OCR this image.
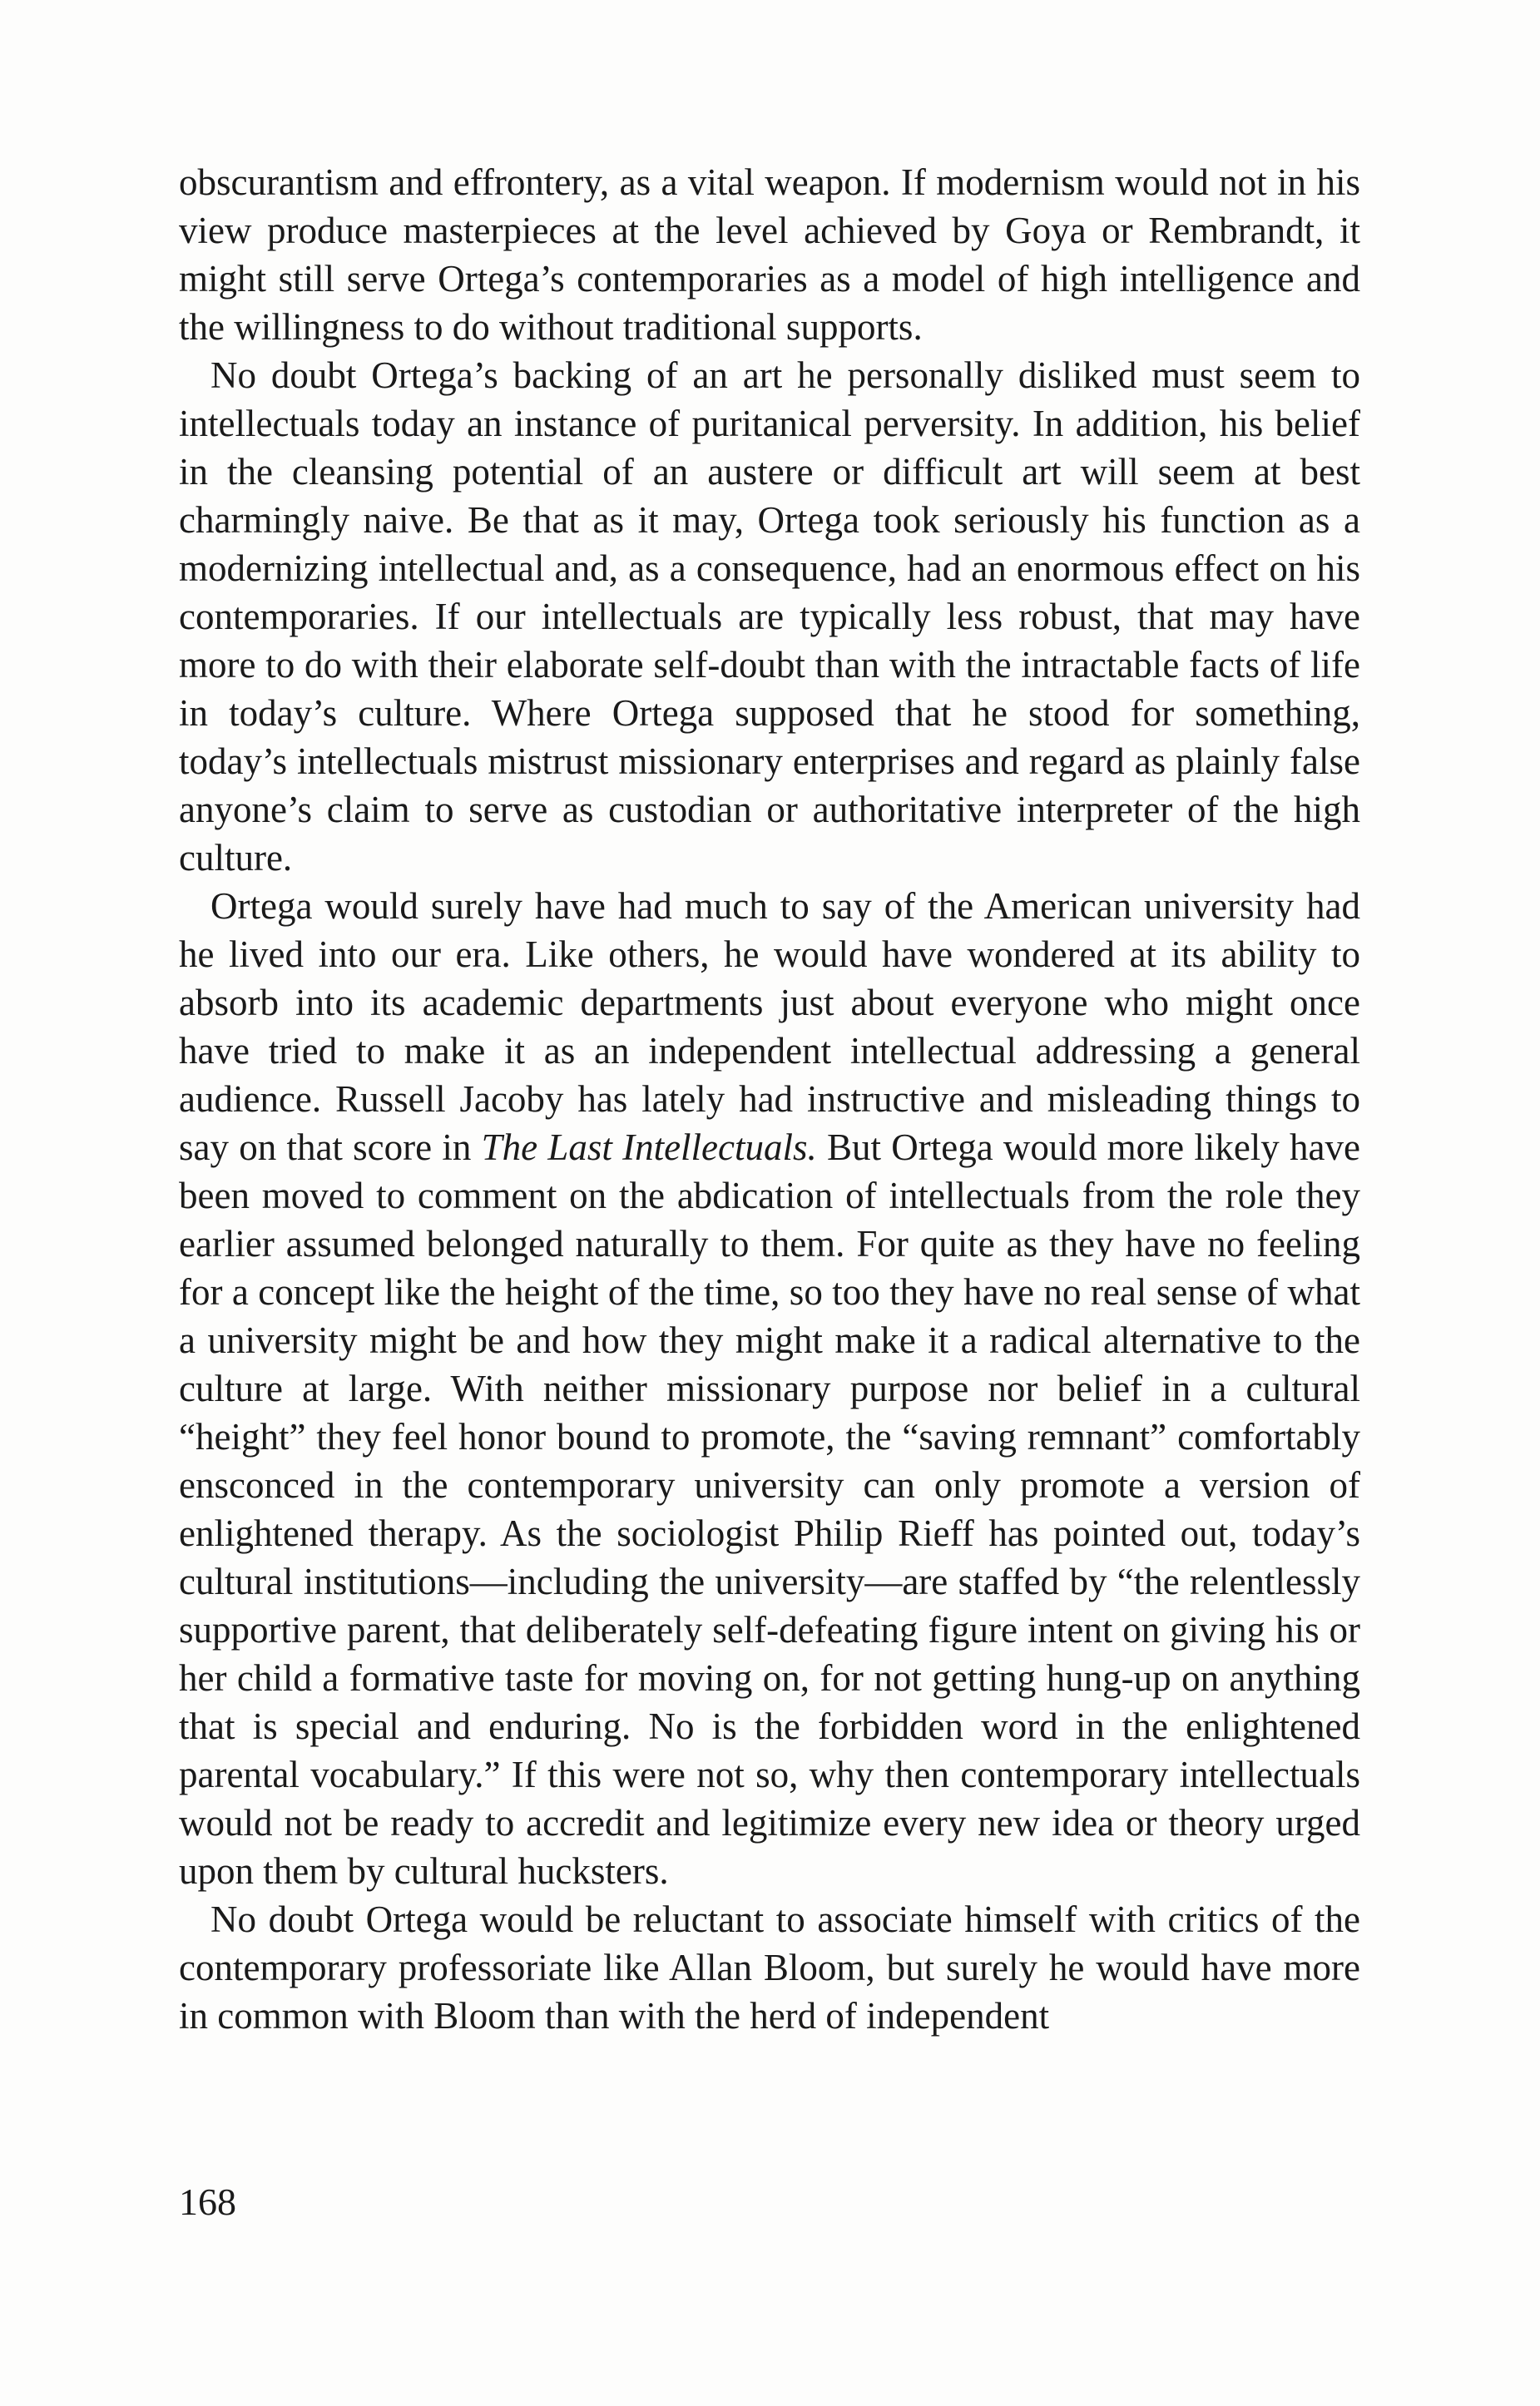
obscurantism and effrontery, as a vital weapon. If modernism would not in his view produce masterpieces at the level achieved by Goya or Rembrandt, it might still serve Ortega’s contemporaries as a model of high intelligence and the willingness to do without traditional supports.

No doubt Ortega’s backing of an art he personally disliked must seem to intellectuals today an instance of puritanical perversity. In addition, his belief in the cleansing potential of an austere or difficult art will seem at best charmingly naive. Be that as it may, Ortega took seriously his function as a modernizing intellectual and, as a consequence, had an enormous effect on his contemporaries. If our intellectuals are typically less robust, that may have more to do with their elaborate self-doubt than with the intractable facts of life in today’s culture. Where Ortega supposed that he stood for something, today’s intellectuals mistrust missionary enterprises and regard as plainly false anyone’s claim to serve as custodian or authoritative interpreter of the high culture.

Ortega would surely have had much to say of the American university had he lived into our era. Like others, he would have wondered at its ability to absorb into its academic departments just about everyone who might once have tried to make it as an independent intellectual addressing a general audience. Russell Jacoby has lately had instructive and misleading things to say on that score in The Last Intellectuals. But Ortega would more likely have been moved to comment on the abdication of intellectuals from the role they earlier assumed belonged naturally to them. For quite as they have no feeling for a concept like the height of the time, so too they have no real sense of what a university might be and how they might make it a radical alternative to the culture at large. With neither missionary purpose nor belief in a cultural “height” they feel honor bound to promote, the “saving remnant” comfortably ensconced in the contemporary university can only promote a version of enlightened therapy. As the sociologist Philip Rieff has pointed out, today’s cultural institutions—including the university—are staffed by “the relentlessly supportive parent, that deliberately self-defeating figure intent on giving his or her child a formative taste for moving on, for not getting hung-up on anything that is special and enduring. No is the forbidden word in the enlightened parental vocabulary.” If this were not so, why then contemporary intellectuals would not be ready to accredit and legitimize every new idea or theory urged upon them by cultural hucksters.

No doubt Ortega would be reluctant to associate himself with critics of the contemporary professoriate like Allan Bloom, but surely he would have more in common with Bloom than with the herd of independent

168
